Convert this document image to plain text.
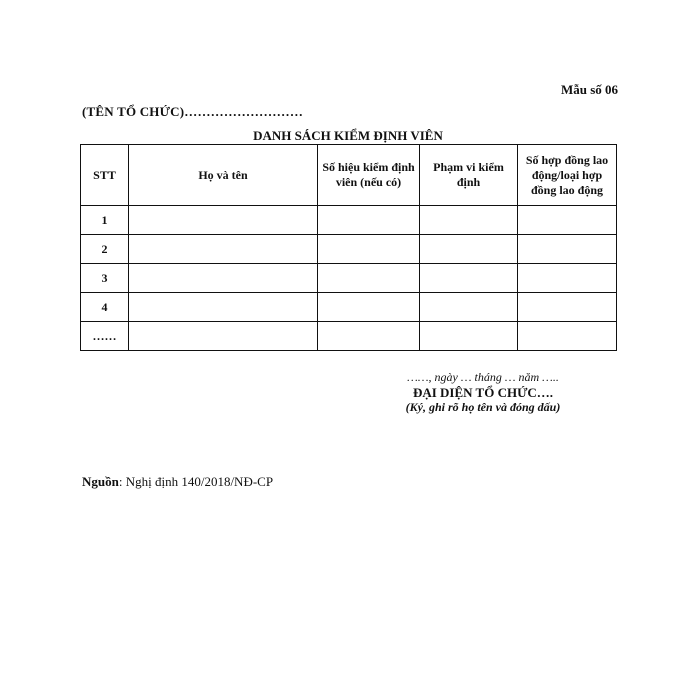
Mẫu số 06
(TÊN TỔ CHỨC)………………………
DANH SÁCH KIỂM ĐỊNH VIÊN
STT	Họ và tên	Số hiệu kiểm định viên (nếu có)	Phạm vi kiểm định	Số hợp đồng lao động/loại hợp đồng lao động
1				
2				
3				
4				
……				
……, ngày … tháng … năm …..
ĐẠI DIỆN TỔ CHỨC….
(Ký, ghi rõ họ tên và đóng dấu)
Nguồn: Nghị định 140/2018/NĐ-CP
